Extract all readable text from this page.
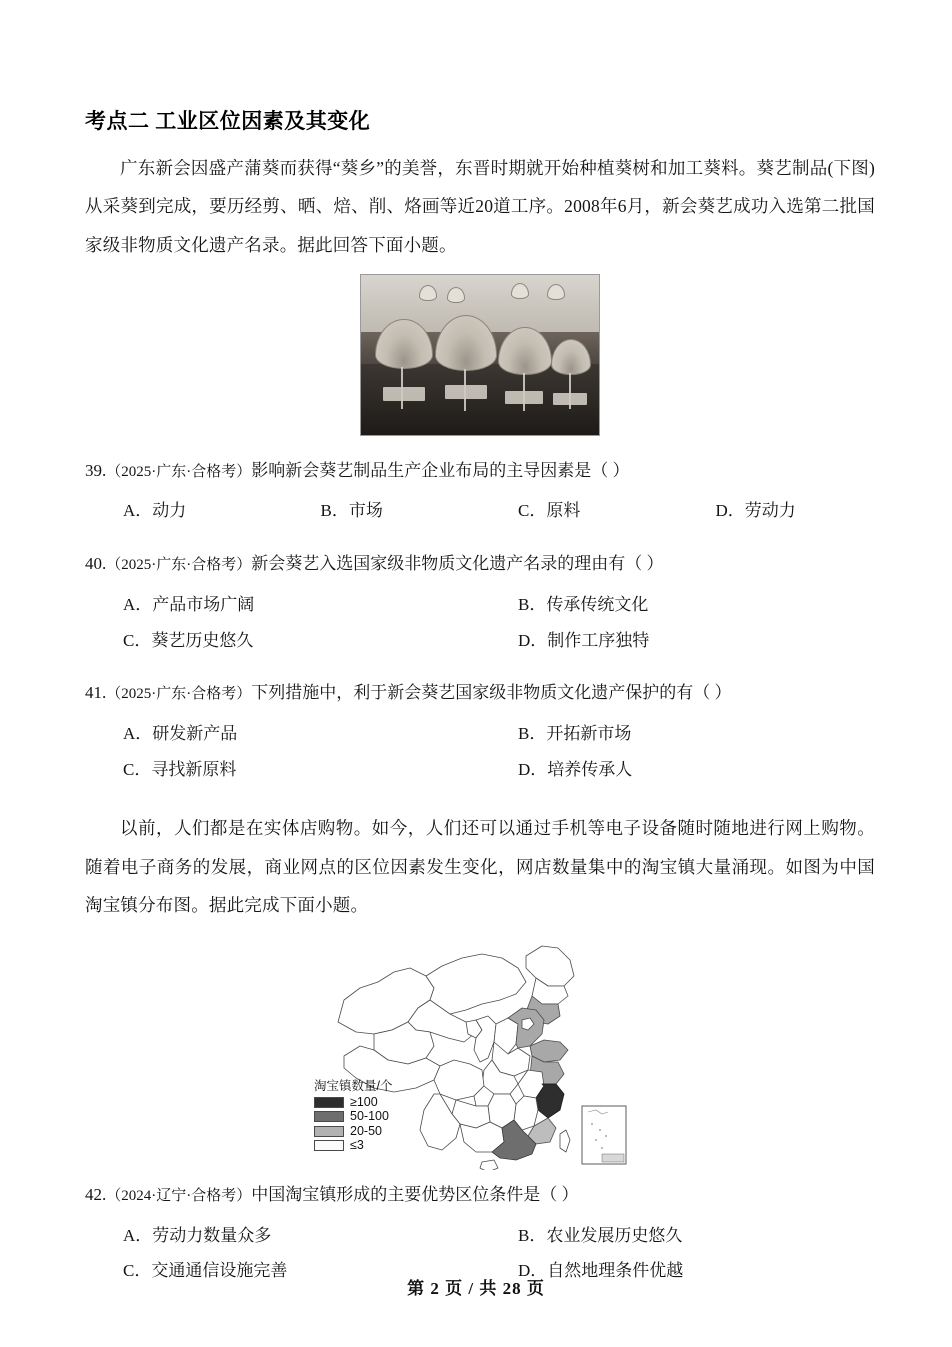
考点二 工业区位因素及其变化

广东新会因盛产蒲葵而获得“葵乡”的美誉，东晋时期就开始种植葵树和加工葵料。葵艺制品(下图)从采葵到完成，要历经剪、晒、焙、削、烙画等近20道工序。2008年6月，新会葵艺成功入选第二批国家级非物质文化遗产名录。据此回答下面小题。

39.（2025·广东·合格考）影响新会葵艺制品生产企业布局的主导因素是（ ）

A．动力	B．市场	C．原料	D．劳动力

40.（2025·广东·合格考）新会葵艺入选国家级非物质文化遗产名录的理由有（ ）

A．产品市场广阔	B．传承传统文化
C．葵艺历史悠久	D．制作工序独特

41.（2025·广东·合格考）下列措施中，利于新会葵艺国家级非物质文化遗产保护的有（ ）

A．研发新产品	B．开拓新市场
C．寻找新原料	D．培养传承人

以前，人们都是在实体店购物。如今，人们还可以通过手机等电子设备随时随地进行网上购物。随着电子商务的发展，商业网点的区位因素发生变化，网店数量集中的淘宝镇大量涌现。如图为中国淘宝镇分布图。据此完成下面小题。

淘宝镇数量/个
≥100
50-100
20-50
≤3

42.（2024·辽宁·合格考）中国淘宝镇形成的主要优势区位条件是（ ）

A．劳动力数量众多	B．农业发展历史悠久
C．交通通信设施完善	D．自然地理条件优越
第 2 页 / 共 28 页
